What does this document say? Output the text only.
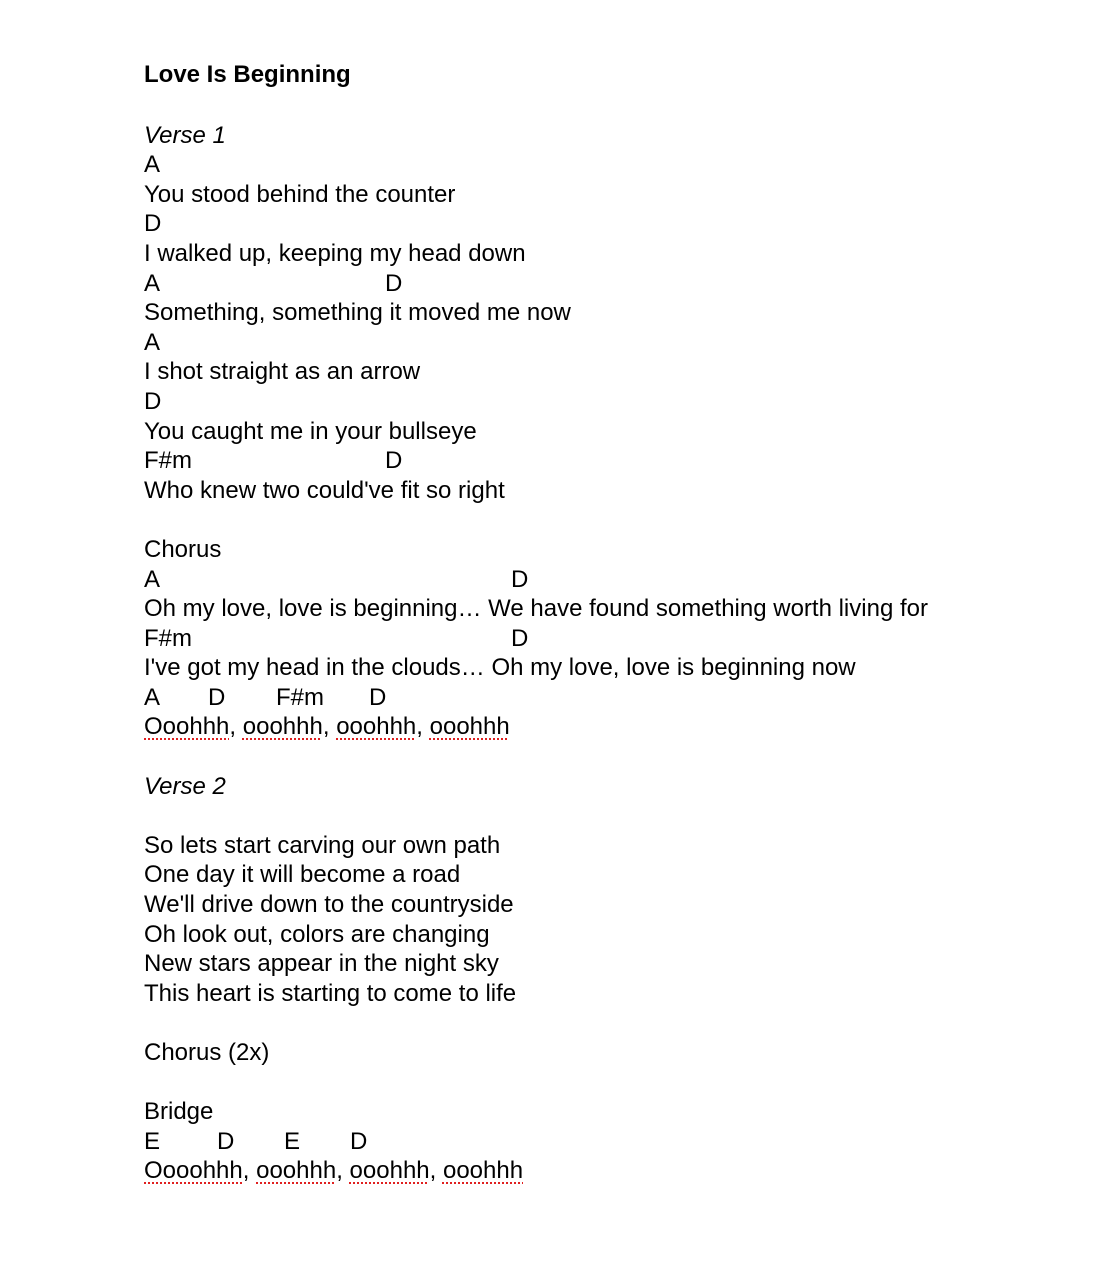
Love Is Beginning
Verse 1
A
You stood behind the counter
D
I walked up, keeping my head down
A	D
Something, something it moved me now
A
I shot straight as an arrow
D
You caught me in your bullseye
F#m	D
Who knew two could've fit so right
Chorus
A	D
Oh my love, love is beginning… We have found something worth living for
F#m	D
I've got my head in the clouds… Oh my love, love is beginning now
A D F#m D
Ooohhh, ooohhh, ooohhh, ooohhh
Verse 2
So lets start carving our own path
One day it will become a road
We'll drive down to the countryside
Oh look out, colors are changing
New stars appear in the night sky
This heart is starting to come to life
Chorus (2x)
Bridge
E D E D
Oooohhh, ooohhh, ooohhh, ooohhh
